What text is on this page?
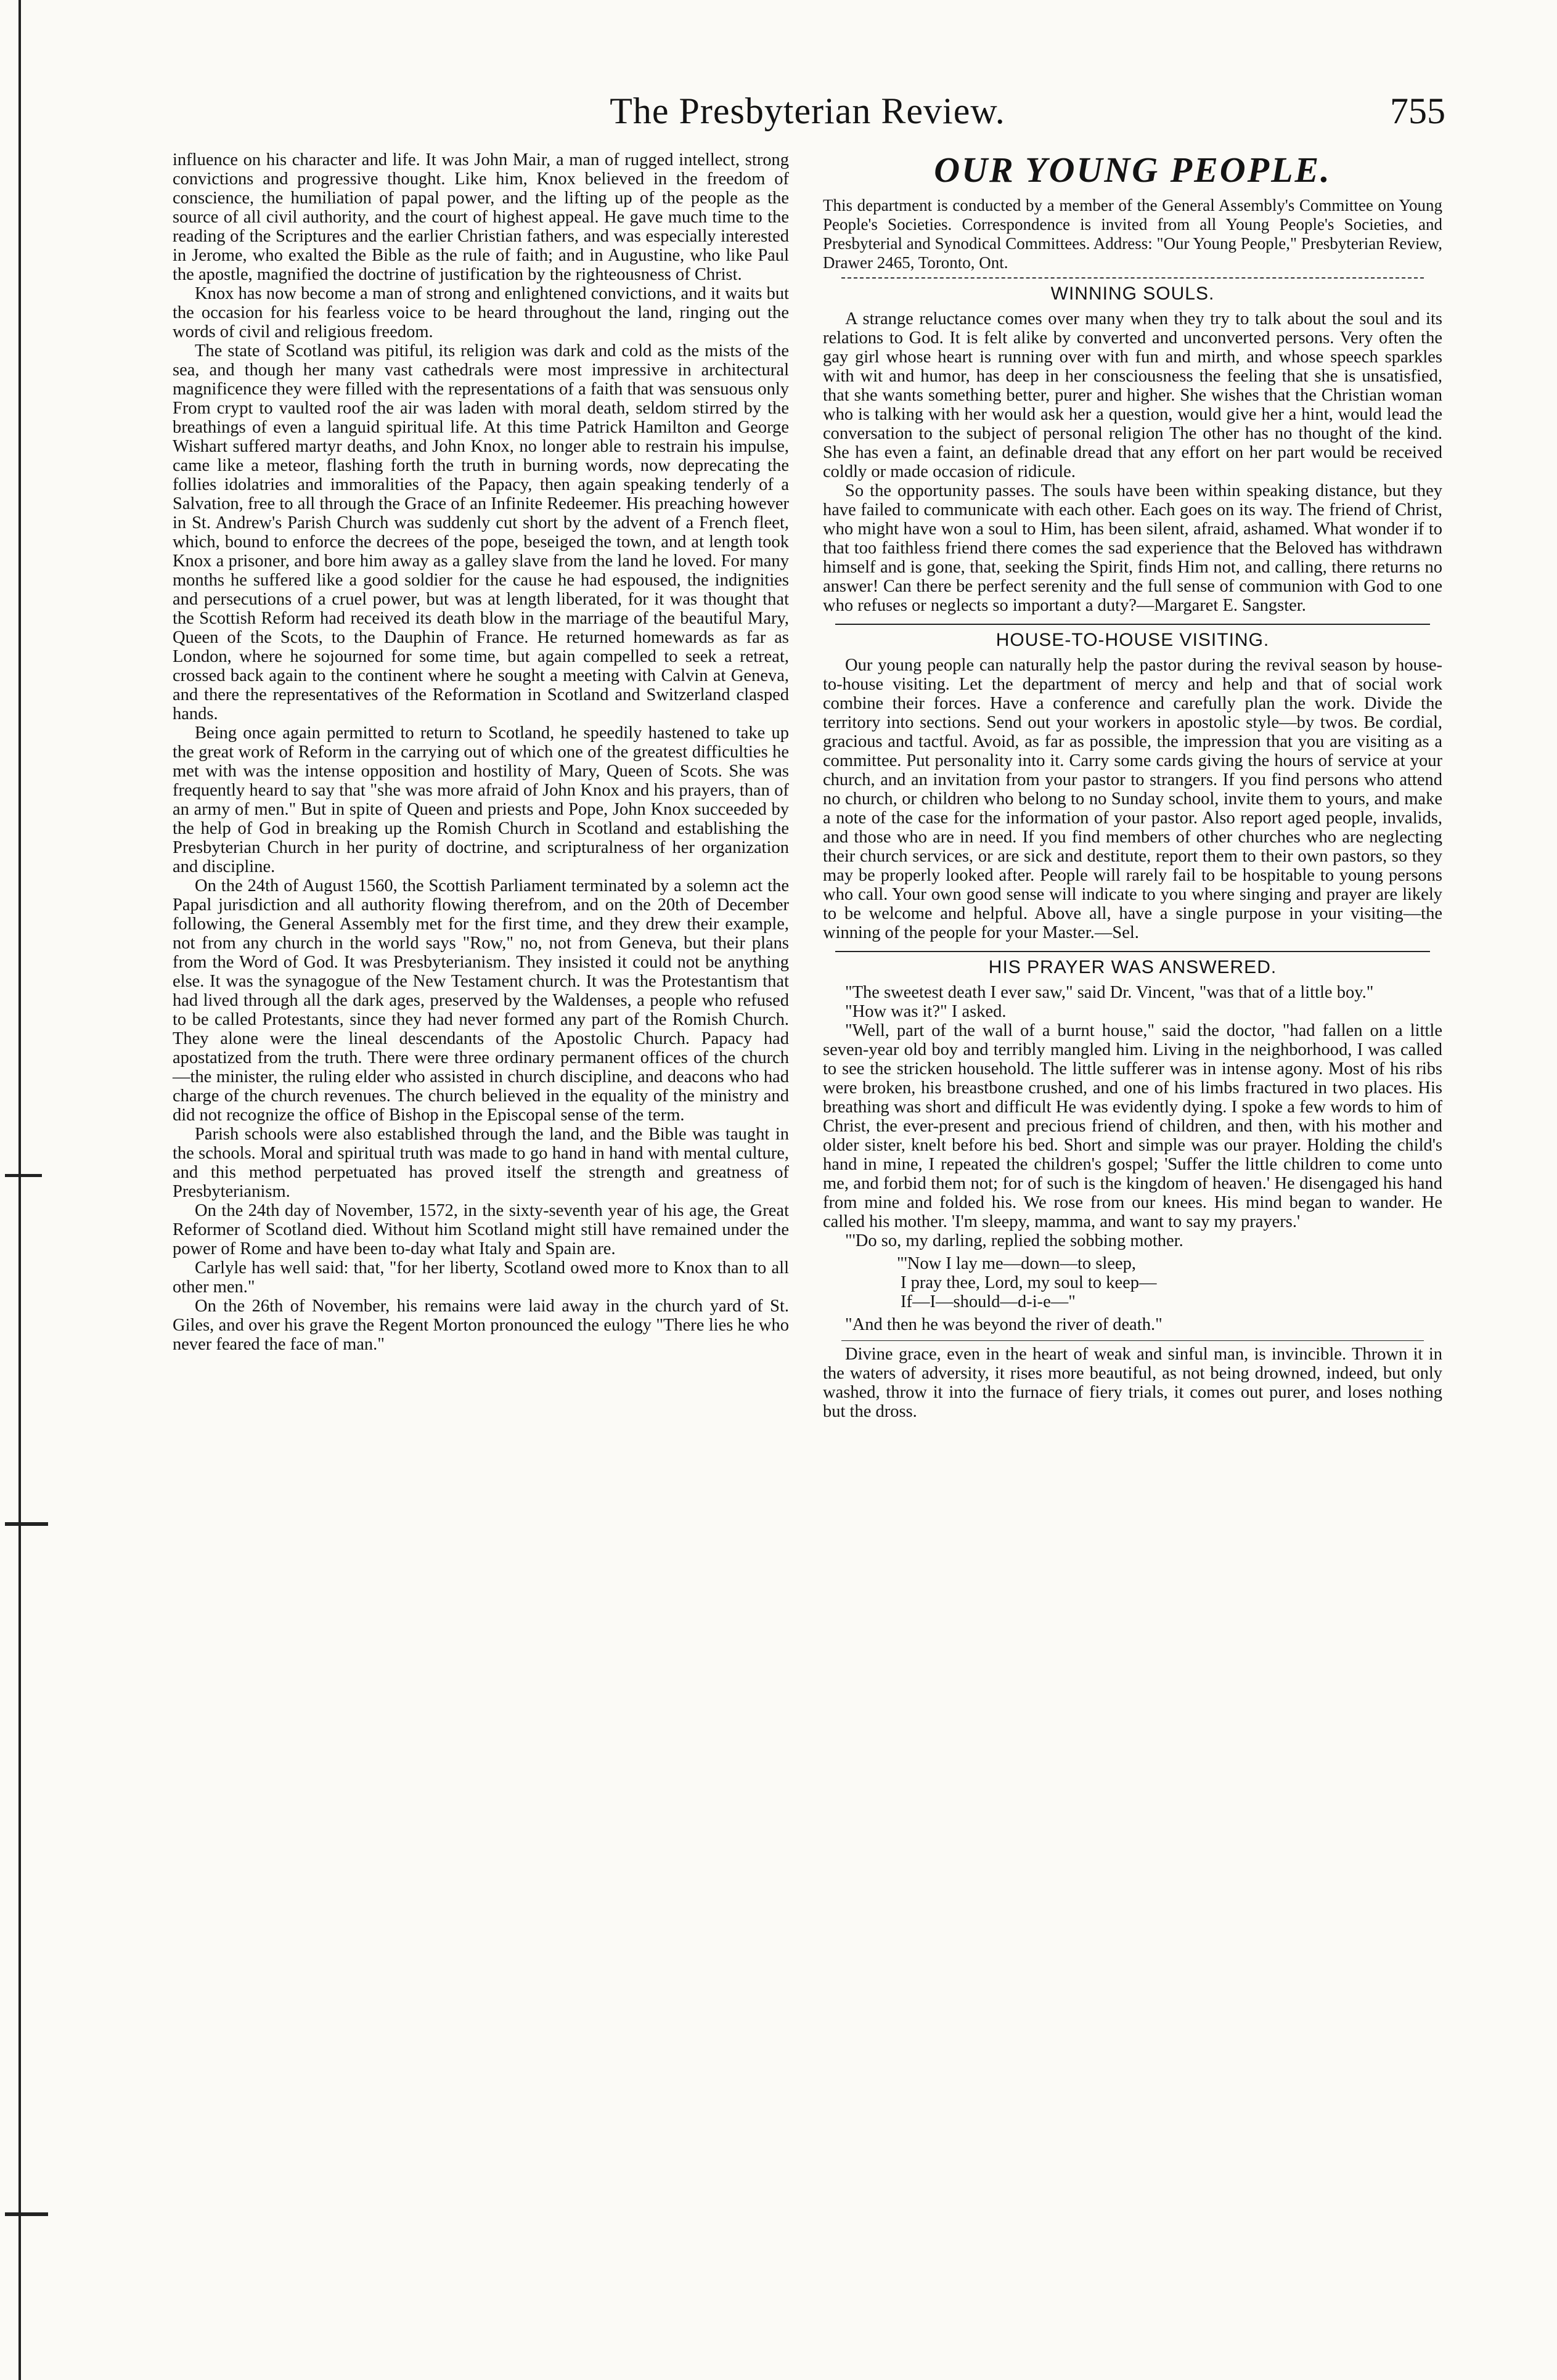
The Presbyterian Review.	755

influence on his character and life. It was John Mair, a man of rugged intellect, strong convictions and progressive thought. Like him, Knox believed in the freedom of conscience, the humiliation of papal power, and the lifting up of the people as the source of all civil authority, and the court of highest appeal. He gave much time to the reading of the Scriptures and the earlier Christian fathers, and was especially interested in Jerome, who exalted the Bible as the rule of faith; and in Augustine, who like Paul the apostle, magnified the doctrine of justification by the righteousness of Christ.

Knox has now become a man of strong and enlightened convictions, and it waits but the occasion for his fearless voice to be heard throughout the land, ringing out the words of civil and religious freedom.

The state of Scotland was pitiful, its religion was dark and cold as the mists of the sea, and though her many vast cathedrals were most impressive in architectural magnificence they were filled with the representations of a faith that was sensuous only From crypt to vaulted roof the air was laden with moral death, seldom stirred by the breathings of even a languid spiritual life. At this time Patrick Hamilton and George Wishart suffered martyr deaths, and John Knox, no longer able to restrain his impulse, came like a meteor, flashing forth the truth in burning words, now deprecating the follies idolatries and immoralities of the Papacy, then again speaking tenderly of a Salvation, free to all through the Grace of an Infinite Redeemer. His preaching however in St. Andrew's Parish Church was suddenly cut short by the advent of a French fleet, which, bound to enforce the decrees of the pope, beseiged the town, and at length took Knox a prisoner, and bore him away as a galley slave from the land he loved. For many months he suffered like a good soldier for the cause he had espoused, the indignities and persecutions of a cruel power, but was at length liberated, for it was thought that the Scottish Reform had received its death blow in the marriage of the beautiful Mary, Queen of the Scots, to the Dauphin of France. He returned homewards as far as London, where he sojourned for some time, but again compelled to seek a retreat, crossed back again to the continent where he sought a meeting with Calvin at Geneva, and there the representatives of the Reformation in Scotland and Switzerland clasped hands.

Being once again permitted to return to Scotland, he speedily hastened to take up the great work of Reform in the carrying out of which one of the greatest difficulties he met with was the intense opposition and hostility of Mary, Queen of Scots. She was frequently heard to say that "she was more afraid of John Knox and his prayers, than of an army of men." But in spite of Queen and priests and Pope, John Knox succeeded by the help of God in breaking up the Romish Church in Scotland and establishing the Presbyterian Church in her purity of doctrine, and scripturalness of her organization and discipline.

On the 24th of August 1560, the Scottish Parliament terminated by a solemn act the Papal jurisdiction and all authority flowing therefrom, and on the 20th of December following, the General Assembly met for the first time, and they drew their example, not from any church in the world says "Row," no, not from Geneva, but their plans from the Word of God. It was Presbyterianism. They insisted it could not be anything else. It was the synagogue of the New Testament church. It was the Protestantism that had lived through all the dark ages, preserved by the Waldenses, a people who refused to be called Protestants, since they had never formed any part of the Romish Church. They alone were the lineal descendants of the Apostolic Church. Papacy had apostatized from the truth. There were three ordinary permanent offices of the church—the minister, the ruling elder who assisted in church discipline, and deacons who had charge of the church revenues. The church believed in the equality of the ministry and did not recognize the office of Bishop in the Episcopal sense of the term.

Parish schools were also established through the land, and the Bible was taught in the schools. Moral and spiritual truth was made to go hand in hand with mental culture, and this method perpetuated has proved itself the strength and greatness of Presbyterianism.

On the 24th day of November, 1572, in the sixty-seventh year of his age, the Great Reformer of Scotland died. Without him Scotland might still have remained under the power of Rome and have been to-day what Italy and Spain are.

Carlyle has well said: that, "for her liberty, Scotland owed more to Knox than to all other men."

On the 26th of November, his remains were laid away in the church yard of St. Giles, and over his grave the Regent Morton pronounced the eulogy "There lies he who never feared the face of man."

OUR YOUNG PEOPLE.

This department is conducted by a member of the General Assembly's Committee on Young People's Societies. Correspondence is invited from all Young People's Societies, and Presbyterial and Synodical Committees. Address: "Our Young People," Presbyterian Review, Drawer 2465, Toronto, Ont.

WINNING SOULS.

A strange reluctance comes over many when they try to talk about the soul and its relations to God. It is felt alike by converted and unconverted persons. Very often the gay girl whose heart is running over with fun and mirth, and whose speech sparkles with wit and humor, has deep in her consciousness the feeling that she is unsatisfied, that she wants something better, purer and higher. She wishes that the Christian woman who is talking with her would ask her a question, would give her a hint, would lead the conversation to the subject of personal religion The other has no thought of the kind. She has even a faint, an definable dread that any effort on her part would be received coldly or made occasion of ridicule.

So the opportunity passes. The souls have been within speaking distance, but they have failed to communicate with each other. Each goes on its way. The friend of Christ, who might have won a soul to Him, has been silent, afraid, ashamed. What wonder if to that too faithless friend there comes the sad experience that the Beloved has withdrawn himself and is gone, that, seeking the Spirit, finds Him not, and calling, there returns no answer! Can there be perfect serenity and the full sense of communion with God to one who refuses or neglects so important a duty?—Margaret E. Sangster.

HOUSE-TO-HOUSE VISITING.

Our young people can naturally help the pastor during the revival season by house-to-house visiting. Let the department of mercy and help and that of social work combine their forces. Have a conference and carefully plan the work. Divide the territory into sections. Send out your workers in apostolic style—by twos. Be cordial, gracious and tactful. Avoid, as far as possible, the impression that you are visiting as a committee. Put personality into it. Carry some cards giving the hours of service at your church, and an invitation from your pastor to strangers. If you find persons who attend no church, or children who belong to no Sunday school, invite them to yours, and make a note of the case for the information of your pastor. Also report aged people, invalids, and those who are in need. If you find members of other churches who are neglecting their church services, or are sick and destitute, report them to their own pastors, so they may be properly looked after. People will rarely fail to be hospitable to young persons who call. Your own good sense will indicate to you where singing and prayer are likely to be welcome and helpful. Above all, have a single purpose in your visiting—the winning of the people for your Master.—Sel.

HIS PRAYER WAS ANSWERED.

"The sweetest death I ever saw," said Dr. Vincent, "was that of a little boy."

"How was it?" I asked.

"Well, part of the wall of a burnt house," said the doctor, "had fallen on a little seven-year old boy and terribly mangled him. Living in the neighborhood, I was called to see the stricken household. The little sufferer was in intense agony. Most of his ribs were broken, his breastbone crushed, and one of his limbs fractured in two places. His breathing was short and difficult He was evidently dying. I spoke a few words to him of Christ, the ever-present and precious friend of children, and then, with his mother and older sister, knelt before his bed. Short and simple was our prayer. Holding the child's hand in mine, I repeated the children's gospel; 'Suffer the little children to come unto me, and forbid them not; for of such is the kingdom of heaven.' He disengaged his hand from mine and folded his. We rose from our knees. His mind began to wander. He called his mother. 'I'm sleepy, mamma, and want to say my prayers.'

"'Do so, my darling, replied the sobbing mother.

"'Now I lay me—down—to sleep,
I pray thee, Lord, my soul to keep—
If—I—should—d-i-e—"

"And then he was beyond the river of death."

Divine grace, even in the heart of weak and sinful man, is invincible. Thrown it in the waters of adversity, it rises more beautiful, as not being drowned, indeed, but only washed, throw it into the furnace of fiery trials, it comes out purer, and loses nothing but the dross.
